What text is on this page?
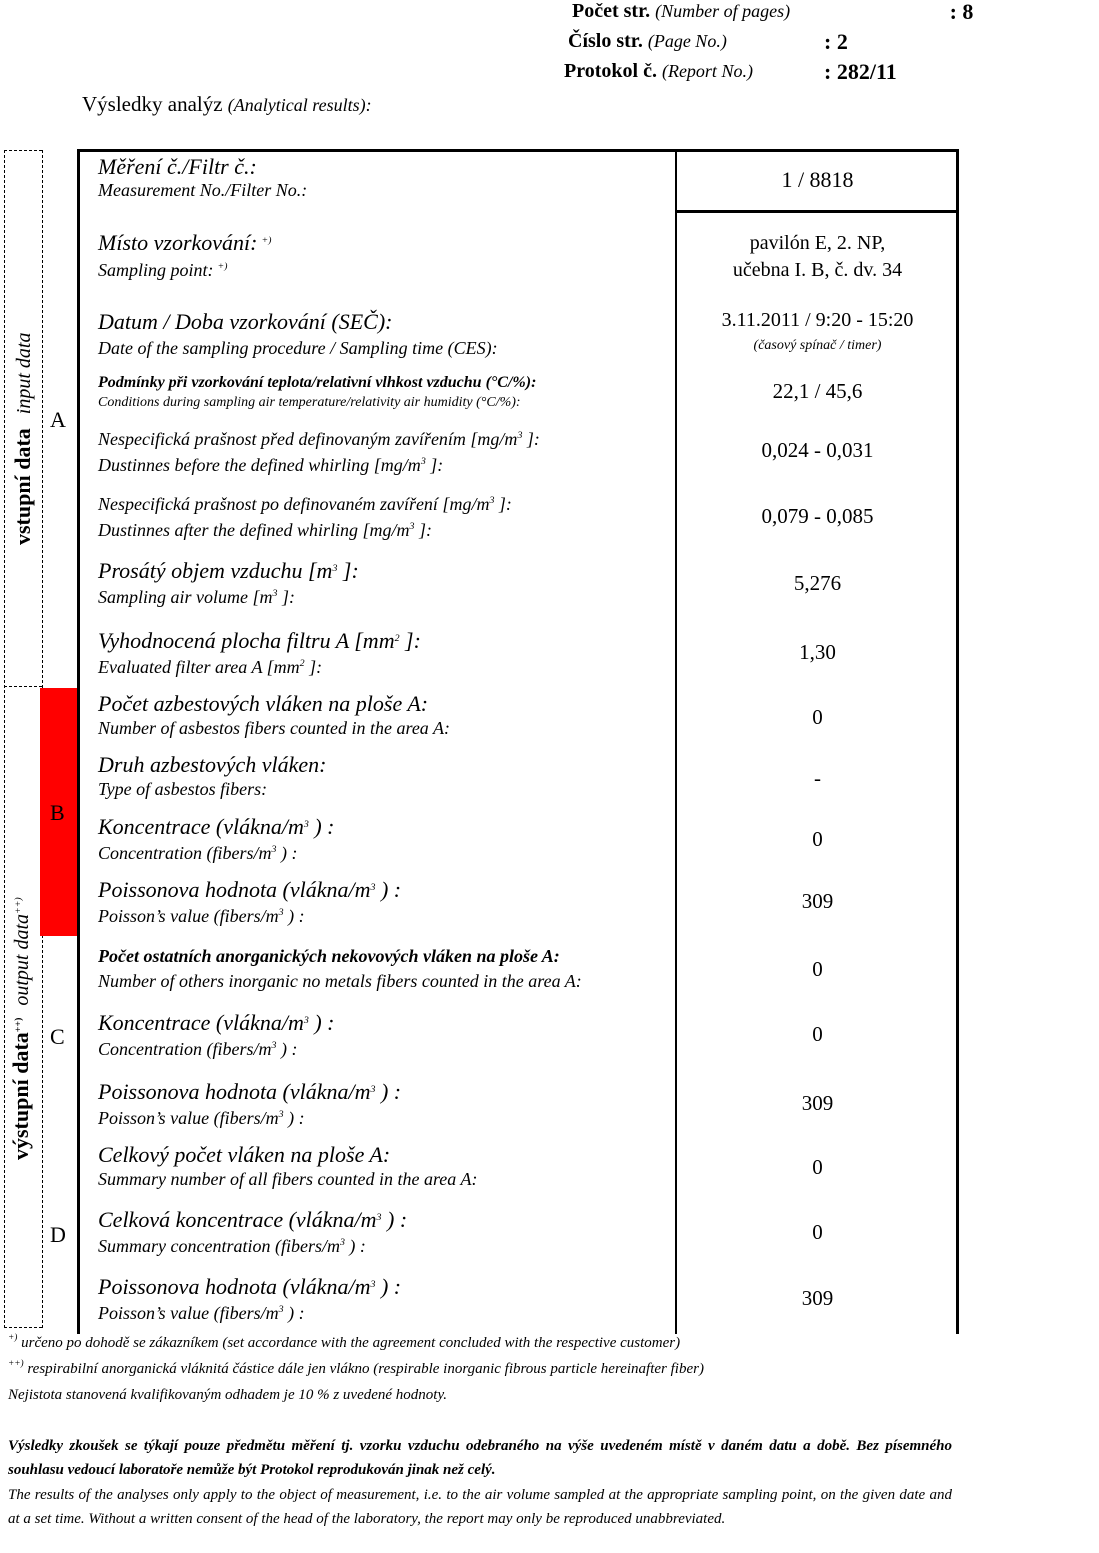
Počet str. (Number of pages)	: 8
Číslo str. (Page No.)	: 2
Protokol č. (Report No.)	: 282/11
Výsledky analýz (Analytical results):
vstupní data input data
výstupní data++) output data++)
A
B
C
D
Měření č./Filtr č.:
Measurement No./Filter No.:	1 / 8818
Místo vzorkování: +)
Sampling point: +)
pavilón E, 2. NP,
učebna I. B, č. dv. 34
Datum / Doba vzorkování (SEČ):
Date of the sampling procedure / Sampling time (CES):
3.11.2011 / 9:20 - 15:20
(časový spínač / timer)
Podmínky při vzorkování teplota/relativní vlhkost vzduchu (°C/%):
Conditions during sampling air temperature/relativity air humidity (°C/%):	22,1 / 45,6
Nespecifická prašnost před definovaným zavířením [$mg/m^3$ ]:
Dustinnes before the defined whirling [$mg/m^3$ ]:
0,024 - 0,031
Nespecifická prašnost po definovaném zavíření [$mg/m^3$ ]:
Dustinnes after the defined whirling [$mg/m^3$ ]:
0,079 - 0,085
Prosátý objem vzduchu [$m^3$ ]:
Sampling air volume [$m^3$ ]:
5,276
Vyhodnocená plocha filtru A [$mm^2$ ]:
Evaluated filter area A [$mm^2$ ]:
1,30
Počet azbestových vláken na ploše A:
Number of asbestos fibers counted in the area A:	0
Druh azbestových vláken:
Type of asbestos fibers:	-
Koncentrace ($vlákna/m^3$ ) :
Concentration ($fibers/m^3$ ) :
0
Poissonova hodnota ($vlákna/m^3$ ) :
Poisson’s value ($fibers/m^3$ ) :
309
Počet ostatních anorganických nekovových vláken na ploše A:
Number of others inorganic no metals fibers counted in the area A:	0
Koncentrace ($vlákna/m^3$ ) :
Concentration ($fibers/m^3$ ) :
0
Poissonova hodnota ($vlákna/m^3$ ) :
Poisson’s value ($fibers/m^3$ ) :
309
Celkový počet vláken na ploše A:
Summary number of all fibers counted in the area A:	0
Celková koncentrace ($vlákna/m^3$ ) :
Summary concentration ($fibers/m^3$ ) :
0
Poissonova hodnota ($vlákna/m^3$ ) :
Poisson’s value ($fibers/m^3$ ) :
309
+) určeno po dohodě se zákazníkem (set accordance with the agreement concluded with the respective customer)
++) respirabilní anorganická vláknitá částice dále jen vlákno (respirable inorganic fibrous particle hereinafter fiber)
Nejistota stanovená kvalifikovaným odhadem je 10 % z uvedené hodnoty.
Výsledky zkoušek se týkají pouze předmětu měření tj. vzorku vzduchu odebraného na výše uvedeném místě v daném datu a době. Bez písemného souhlasu vedoucí laboratoře nemůže být Protokol reprodukován jinak než celý.
The results of the analyses only apply to the object of measurement, i.e. to the air volume sampled at the appropriate sampling point, on the given date and at a set time. Without a written consent of the head of the laboratory, the report may only be reproduced unabbreviated.
